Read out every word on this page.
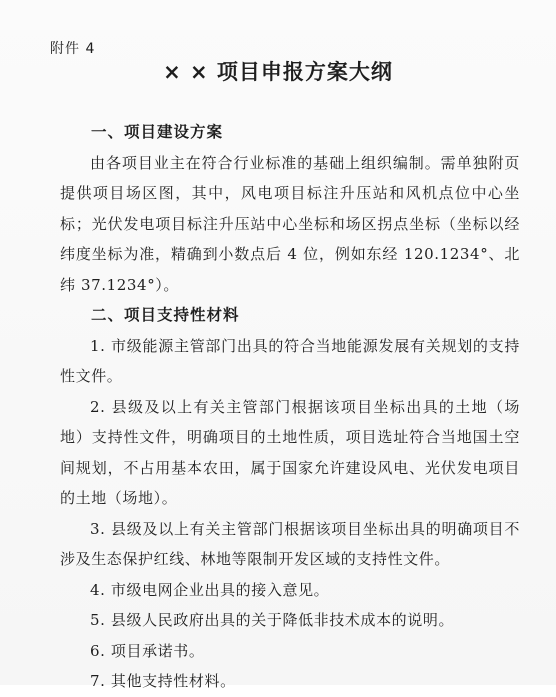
附件 4
× × 项目申报方案大纲

一、项目建设方案

由各项目业主在符合行业标准的基础上组织编制。需单独附页提供项目场区图，其中，风电项目标注升压站和风机点位中心坐标；光伏发电项目标注升压站中心坐标和场区拐点坐标（坐标以经纬度坐标为准，精确到小数点后 4 位，例如东经 120.1234°、北纬 37.1234°）。

二、项目支持性材料

1. 市级能源主管部门出具的符合当地能源发展有关规划的支持性文件。

2. 县级及以上有关主管部门根据该项目坐标出具的土地（场地）支持性文件，明确项目的土地性质，项目选址符合当地国土空间规划，不占用基本农田，属于国家允许建设风电、光伏发电项目的土地（场地）。

3. 县级及以上有关主管部门根据该项目坐标出具的明确项目不涉及生态保护红线、林地等限制开发区域的支持性文件。

4. 市级电网企业出具的接入意见。

5. 县级人民政府出具的关于降低非技术成本的说明。

6. 项目承诺书。

7. 其他支持性材料。
